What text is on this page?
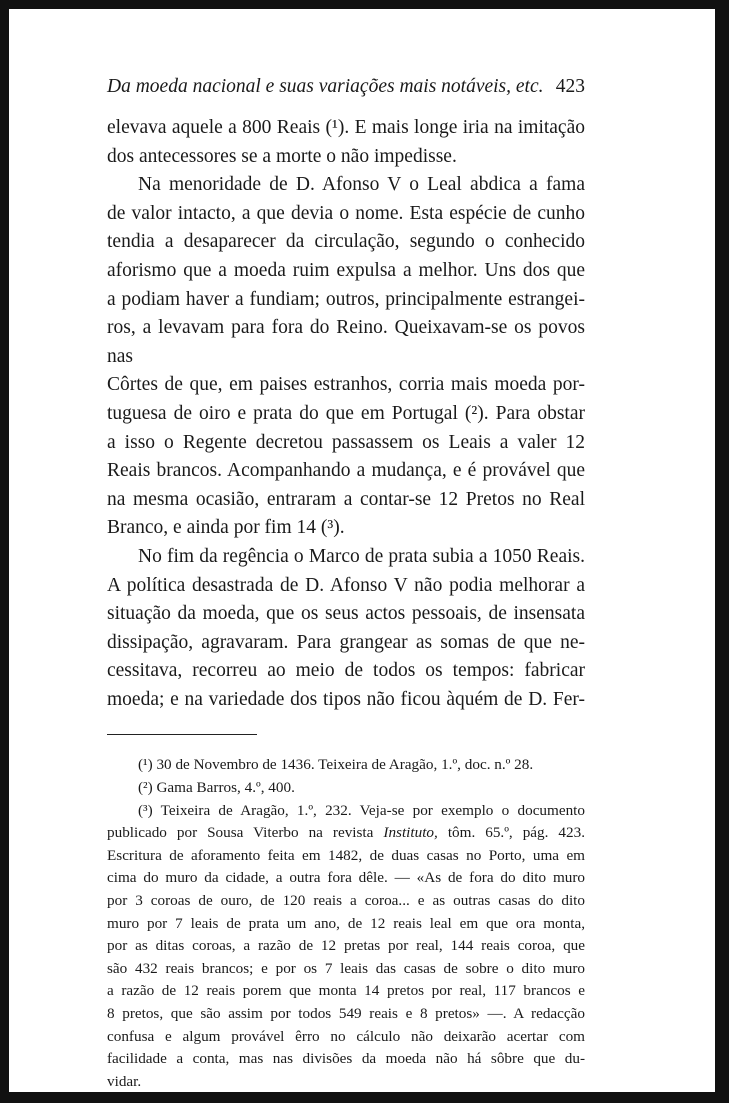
Da moeda nacional e suas variações mais notáveis, etc. 423

elevava aquele a 800 Reais (¹). E mais longe iria na imitação

dos antecessores se a morte o não impedisse.

Na menoridade de D. Afonso V o Leal abdica a fama

de valor intacto, a que devia o nome. Esta espécie de cunho

tendia a desaparecer da circulação, segundo o conhecido

aforismo que a moeda ruim expulsa a melhor. Uns dos que

a podiam haver a fundiam; outros, principalmente estrangei-

ros, a levavam para fora do Reino. Queixavam-se os povos nas

Côrtes de que, em paises estranhos, corria mais moeda por-

tuguesa de oiro e prata do que em Portugal (²). Para obstar

a isso o Regente decretou passassem os Leais a valer 12

Reais brancos. Acompanhando a mudança, e é provável que

na mesma ocasião, entraram a contar-se 12 Pretos no Real

Branco, e ainda por fim 14 (³).

No fim da regência o Marco de prata subia a 1050 Reais.

A política desastrada de D. Afonso V não podia melhorar a

situação da moeda, que os seus actos pessoais, de insensata

dissipação, agravaram. Para grangear as somas de que ne-

cessitava, recorreu ao meio de todos os tempos: fabricar

moeda; e na variedade dos tipos não ficou àquém de D. Fer-

(¹) 30 de Novembro de 1436. Teixeira de Aragão, 1.º, doc. n.º 28.

(²) Gama Barros, 4.º, 400.

(³) Teixeira de Aragão, 1.º, 232. Veja-se por exemplo o documento

publicado por Sousa Viterbo na revista Instituto, tôm. 65.º, pág. 423.

Escritura de aforamento feita em 1482, de duas casas no Porto, uma em

cima do muro da cidade, a outra fora dêle. — «As de fora do dito muro

por 3 coroas de ouro, de 120 reais a coroa... e as outras casas do dito

muro por 7 leais de prata um ano, de 12 reais leal em que ora monta,

por as ditas coroas, a razão de 12 pretas por real, 144 reais coroa, que

são 432 reais brancos; e por os 7 leais das casas de sobre o dito muro

a razão de 12 reais porem que monta 14 pretos por real, 117 brancos e

8 pretos, que são assim por todos 549 reais e 8 pretos» —. A redacção

confusa e algum provável êrro no cálculo não deixarão acertar com

facilidade a conta, mas nas divisões da moeda não há sôbre que du-

vidar.
